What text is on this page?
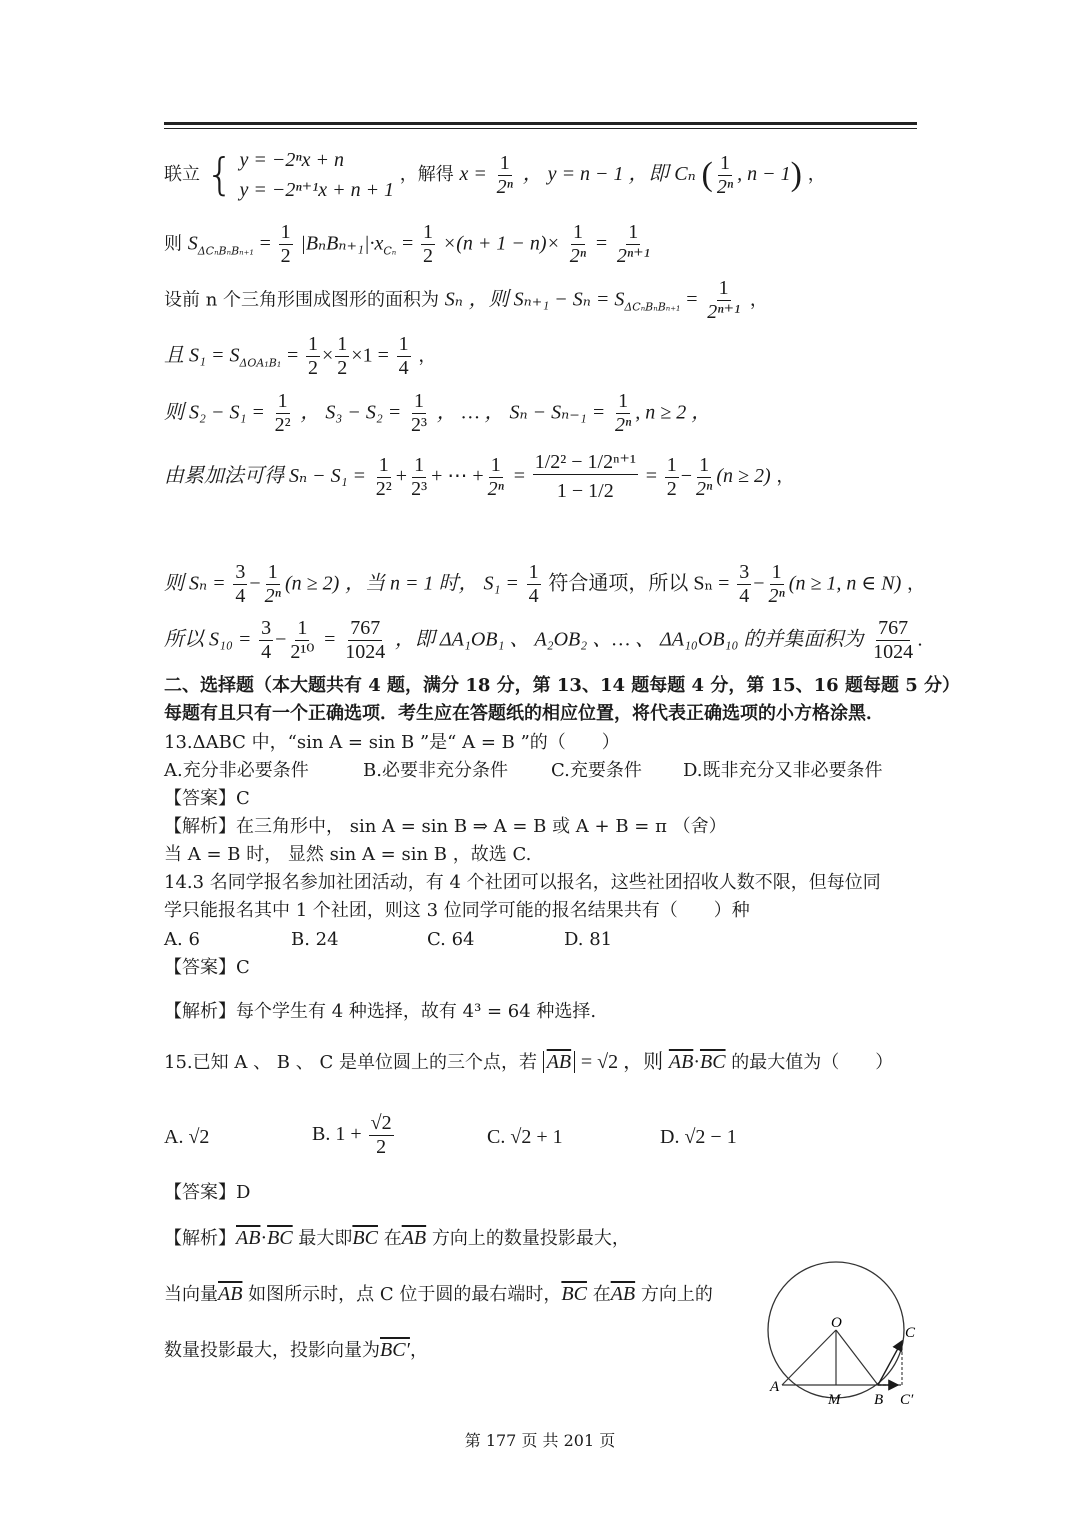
联立 { y = −2ⁿx + n
y = −2ⁿ⁺¹x + n + 1
，解得 $x = \frac{1}{\text{2ⁿ}}$ ， y = n − 1 ，即 Cₙ ( $\frac{1}{\text{2ⁿ}}$ , n − 1) ，
则 $S_{\Delta C_nB_nB_{n+1}} = \frac{1}{2} |B_nB_{n+1}|\cdot x_{C_n} = \frac{1}{2} \times(n + 1 - n)\times \frac{1}{\text{2ⁿ}} = \frac{1}{\text{2ⁿ⁺¹}}$
设前 n 个三角形围成图形的面积为 Sₙ ，则 $S_{n+1} - S_n = S_{\Delta C_nB_nB_{n+1}} = \frac{1}{\text{2ⁿ⁺¹}}$ ，
且 $S_1 = S_{\Delta OA_1B_1} = \frac{1}{2} \times \frac{1}{2} \times 1 = \frac{1}{4}$ ，
则 $S_2 - S_1 = \frac{1}{\text{2²}}$ ， $S_3 - S_2 = \frac{1}{\text{2³}}$ ， … ， $S_n - S_{n-1} = \frac{1}{\text{2ⁿ}}$ , n ≥ 2 ，
由累加法可得 $S_n - S_1 = \frac{1}{\text{2²}} + \frac{1}{\text{2³}}$ + ⋯ + $\frac{1}{\text{2ⁿ}} = \frac{\text{1/2² − 1/2ⁿ⁺¹}}{1 - 1/2} = \frac{1}{2} - \frac{1}{\text{2ⁿ}} (n \ge 2)$ ，
则 $S_n = \frac{3}{4} - \frac{1}{\text{2ⁿ}} (n \ge 2)$ ，当 n = 1 时， $S_1 = \frac{1}{4}$ 符合通项，所以 $S_n = \frac{3}{4} - \frac{1}{\text{2ⁿ}} (n \ge 1$, n ∈ N) ，
所以 $S_{10} = \frac{3}{4} - \frac{1}{\text{2¹⁰}} = \frac{767}{1024}$ ，即 ΔA₁OB₁ 、 A₂OB₂ 、… 、 ΔA₁₀OB₁₀ 的并集面积为 $\frac{767}{1024}$ .
二、选择题（本大题共有 4 题，满分 18 分，第 13、14 题每题 4 分，第 15、16 题每题 5 分）
每题有且只有一个正确选项．考生应在答题纸的相应位置，将代表正确选项的小方格涂黑．
13.ΔABC 中，“sin A = sin B ”是“ A = B ”的（　　）
A.充分非必要条件	B.必要非充分条件 C.充要条件 D.既非充分又非必要条件
【答案】C
【解析】在三角形中， sin A = sin B ⇒ A = B 或 A + B = π （舍）
当 A = B 时， 显然 sin A = sin B ，故选 C.
14.3 名同学报名参加社团活动，有 4 个社团可以报名，这些社团招收人数不限，但每位同
学只能报名其中 1 个社团，则这 3 位同学可能的报名结果共有（　　）种
A. 6	B. 24	C. 64	D. 81
【答案】C
【解析】每个学生有 4 种选择，故有 4³ = 64 种选择.
15.已知 A 、 B 、 C 是单位圆上的三个点，若 $\overline{AB} = √2$ ，则 $\overline{AB}\cdot\overline{BC}$ 的最大值为（　　）
A. √2	B. $1 + \frac{√2}{2}$	C. √2 + 1	D. √2 − 1
【答案】D
【解析】$\overline{AB}\cdot\overline{BC}$ 最大即$\overline{BC}$ 在$\overline{AB}$ 方向上的数量投影最大，
当向量$\overline{AB}$ 如图所示时，点 C 位于圆的最右端时，$\overline{BC}$ 在$\overline{AB}$ 方向上的
数量投影最大，投影向量为BC′，
O
C
A
M B C′
第 177 页 共 201 页
